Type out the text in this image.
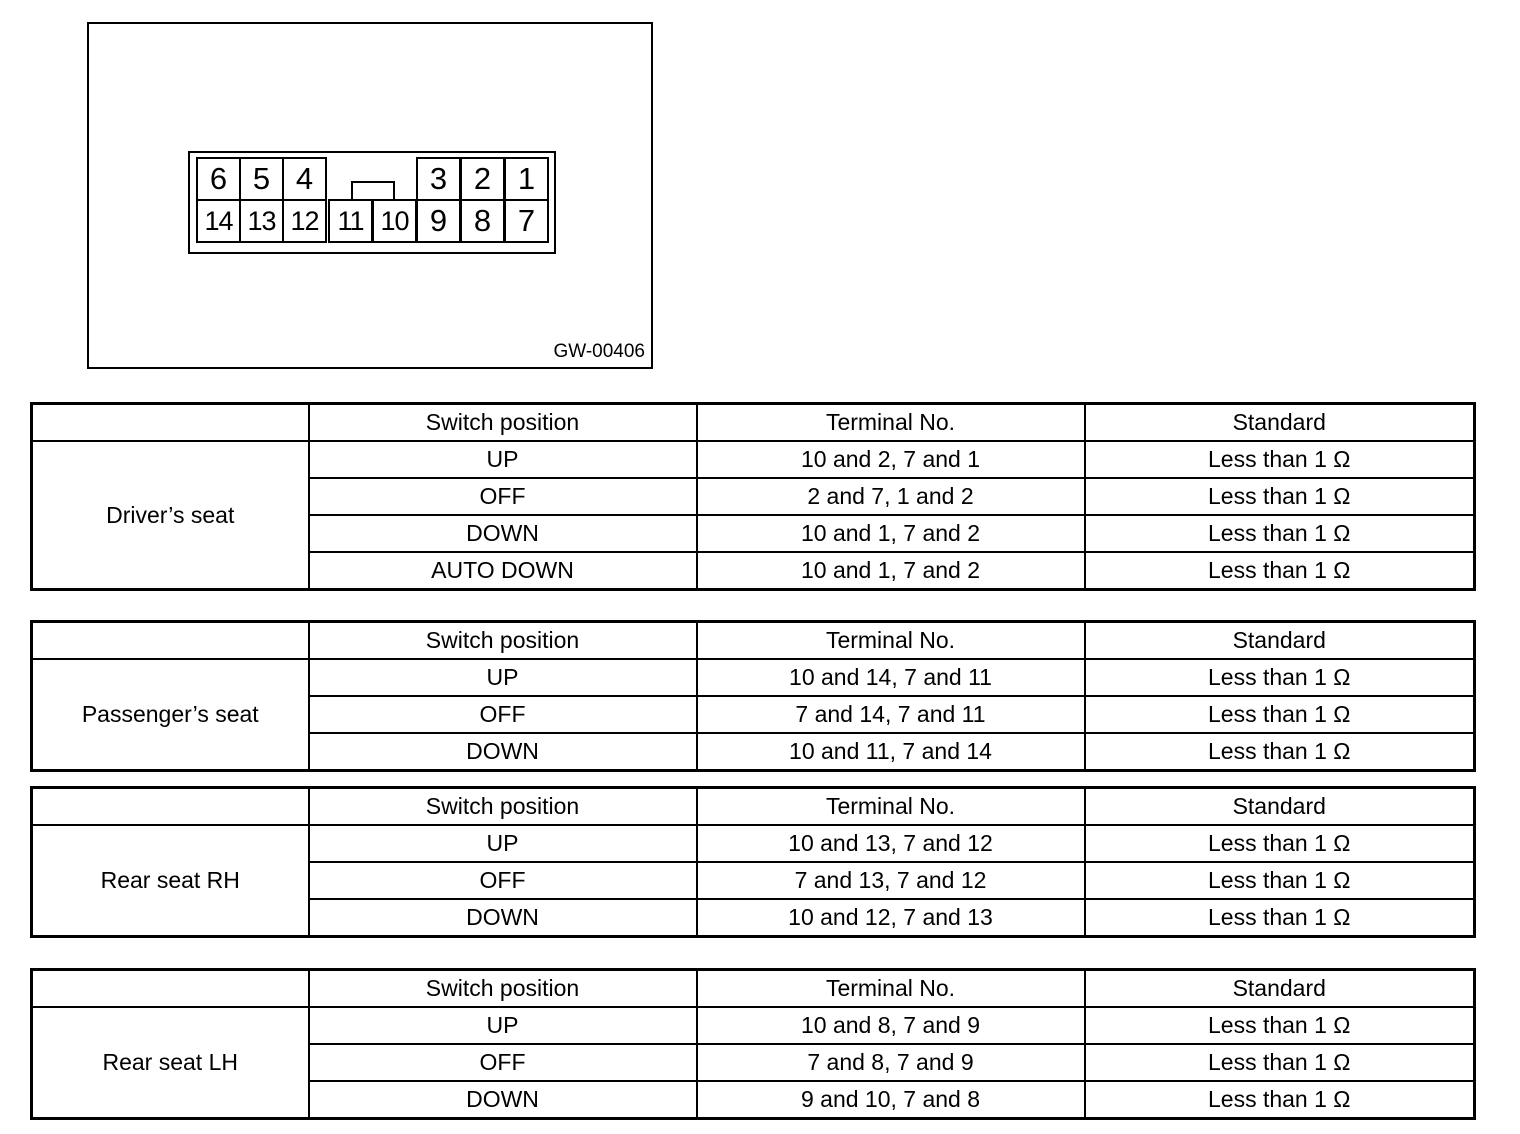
6 5 4	3 2 1
14 13 12 11 10 9 8 7
GW-00406
	Switch position	Terminal No.	Standard
Driver’s seat	UP	10 and 2, 7 and 1	Less than 1 Ω
	OFF	2 and 7, 1 and 2	Less than 1 Ω
	DOWN	10 and 1, 7 and 2	Less than 1 Ω
	AUTO DOWN	10 and 1, 7 and 2	Less than 1 Ω
	Switch position	Terminal No.	Standard
Passenger’s seat	UP	10 and 14, 7 and 11	Less than 1 Ω
	OFF	7 and 14, 7 and 11	Less than 1 Ω
	DOWN	10 and 11, 7 and 14	Less than 1 Ω
	Switch position	Terminal No.	Standard
Rear seat RH	UP	10 and 13, 7 and 12	Less than 1 Ω
	OFF	7 and 13, 7 and 12	Less than 1 Ω
	DOWN	10 and 12, 7 and 13	Less than 1 Ω
	Switch position	Terminal No.	Standard
Rear seat LH	UP	10 and 8, 7 and 9	Less than 1 Ω
	OFF	7 and 8, 7 and 9	Less than 1 Ω
	DOWN	9 and 10, 7 and 8	Less than 1 Ω
